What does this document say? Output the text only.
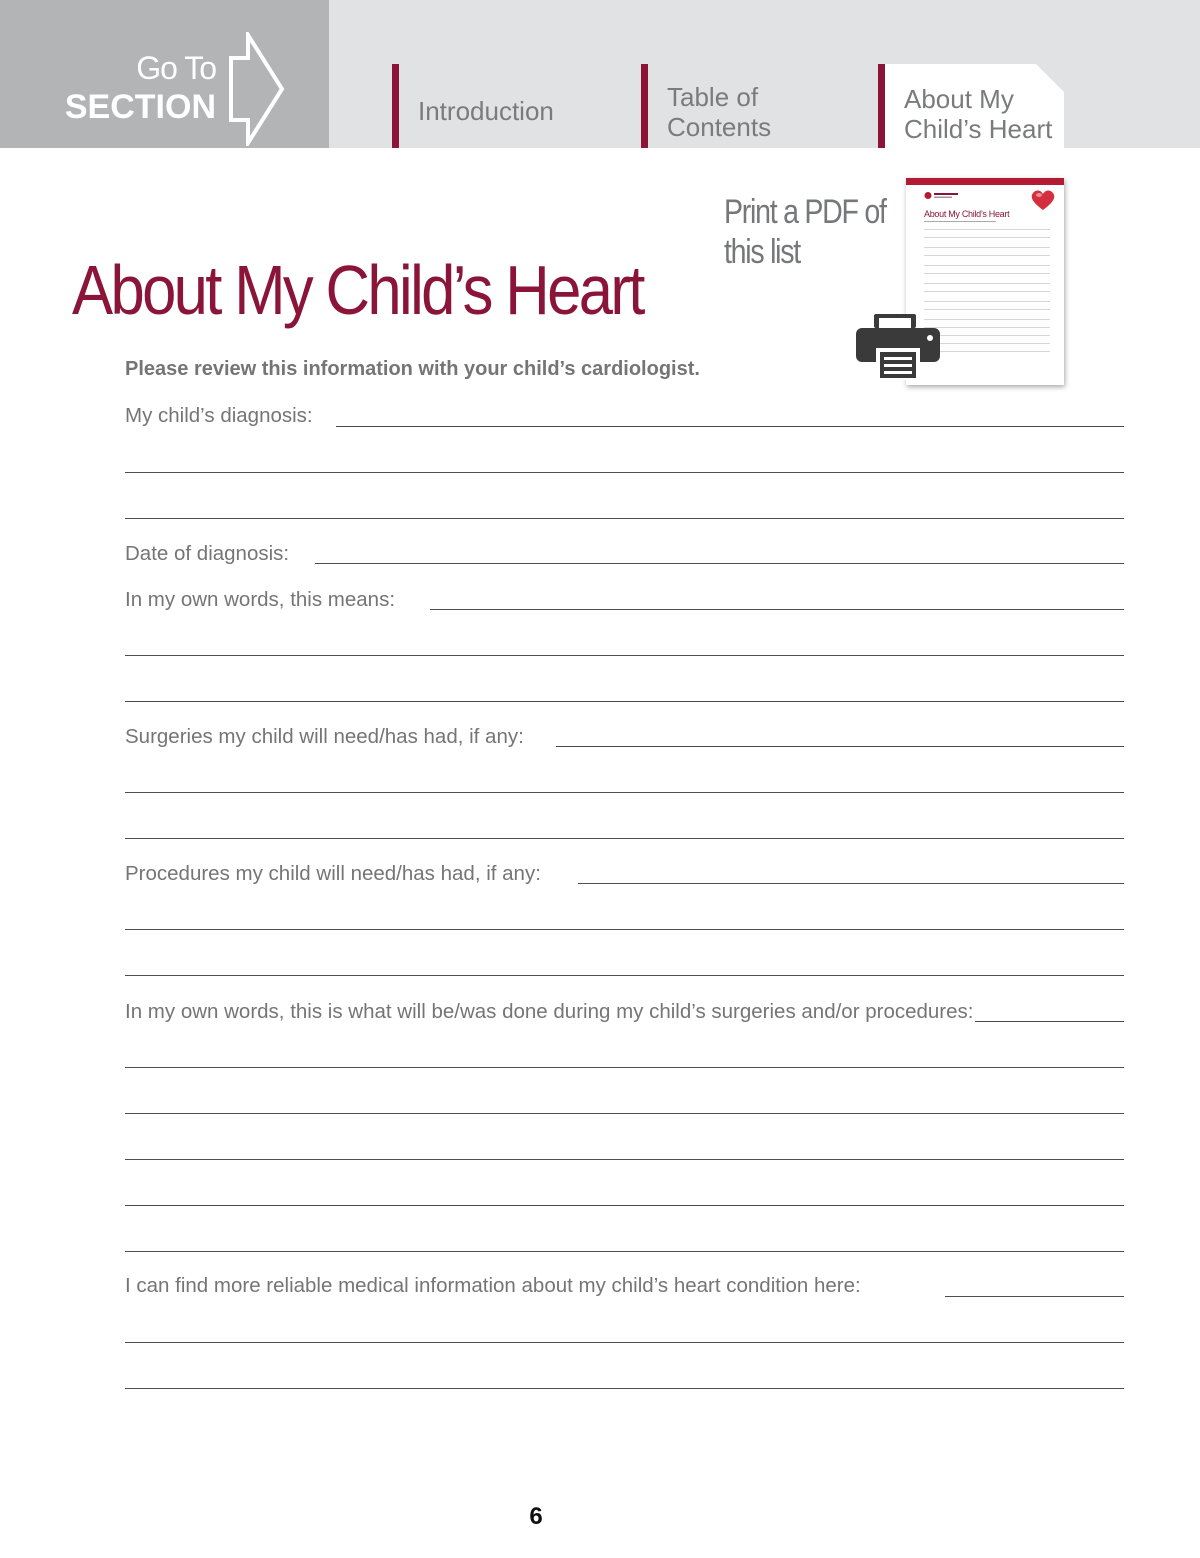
Go To
SECTION	Introduction	Table of
Contents
About My
Child’s Heart
About My Child’s Heart
Print a PDF of
this list
About My Child’s Heart
Please review this information with your child’s cardiologist.
My child’s diagnosis:
Date of diagnosis:
In my own words, this means:
Surgeries my child will need/has had, if any:
Procedures my child will need/has had, if any:
In my own words, this is what will be/was done during my child’s surgeries and/or procedures:
I can find more reliable medical information about my child’s heart condition here:
6
